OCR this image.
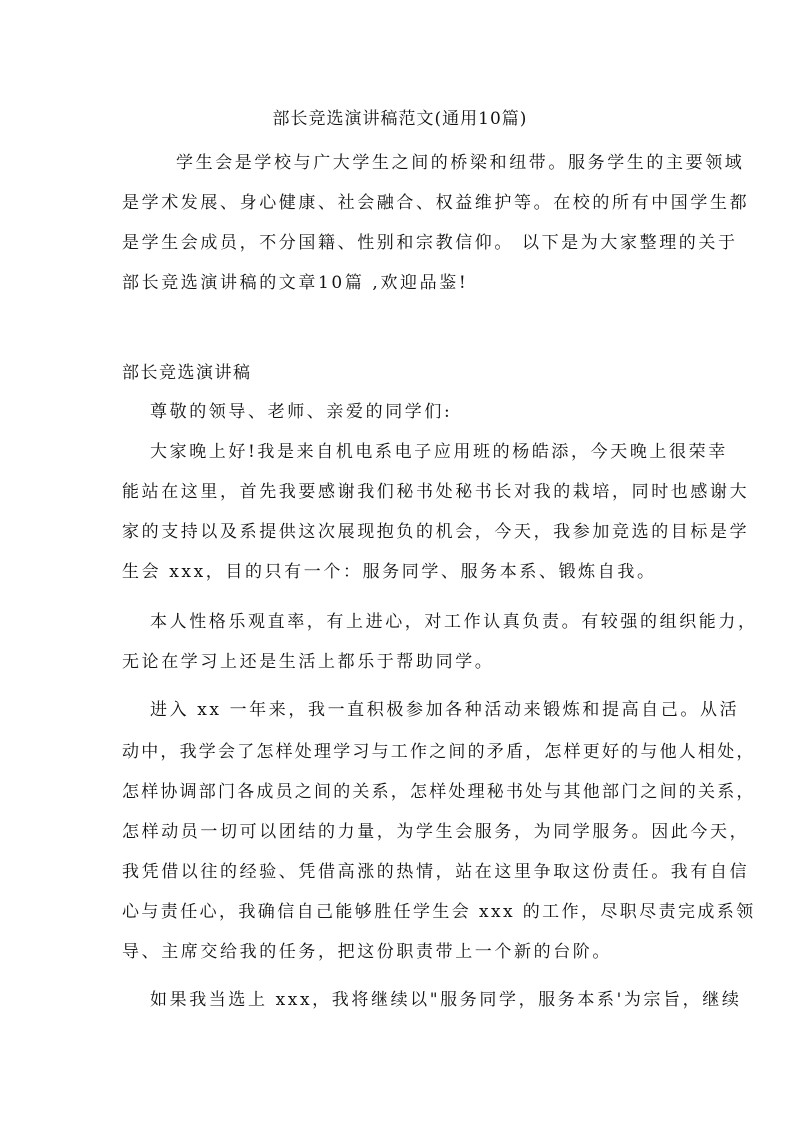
部长竞选演讲稿范文(通用10篇)
学生会是学校与广大学生之间的桥梁和纽带。服务学生的主要领域
是学术发展、身心健康、社会融合、权益维护等。在校的所有中国学生都
是学生会成员，不分国籍、性别和宗教信仰。 以下是为大家整理的关于
部长竞选演讲稿的文章10篇 ,欢迎品鉴!
部长竞选演讲稿
尊敬的领导、老师、亲爱的同学们:
大家晚上好!我是来自机电系电子应用班的杨皓添，今天晚上很荣幸
能站在这里，首先我要感谢我们秘书处秘书长对我的栽培，同时也感谢大
家的支持以及系提供这次展现抱负的机会，今天，我参加竞选的目标是学
生会 xxx，目的只有一个：服务同学、服务本系、锻炼自我。
本人性格乐观直率，有上进心，对工作认真负责。有较强的组织能力，
无论在学习上还是生活上都乐于帮助同学。
进入 xx 一年来，我一直积极参加各种活动来锻炼和提高自己。从活
动中，我学会了怎样处理学习与工作之间的矛盾，怎样更好的与他人相处，
怎样协调部门各成员之间的关系，怎样处理秘书处与其他部门之间的关系，
怎样动员一切可以团结的力量，为学生会服务，为同学服务。因此今天，
我凭借以往的经验、凭借高涨的热情，站在这里争取这份责任。我有自信
心与责任心，我确信自己能够胜任学生会 xxx 的工作，尽职尽责完成系领
导、主席交给我的任务，把这份职责带上一个新的台阶。
如果我当选上 xxx，我将继续以"服务同学，服务本系'为宗旨，继续
